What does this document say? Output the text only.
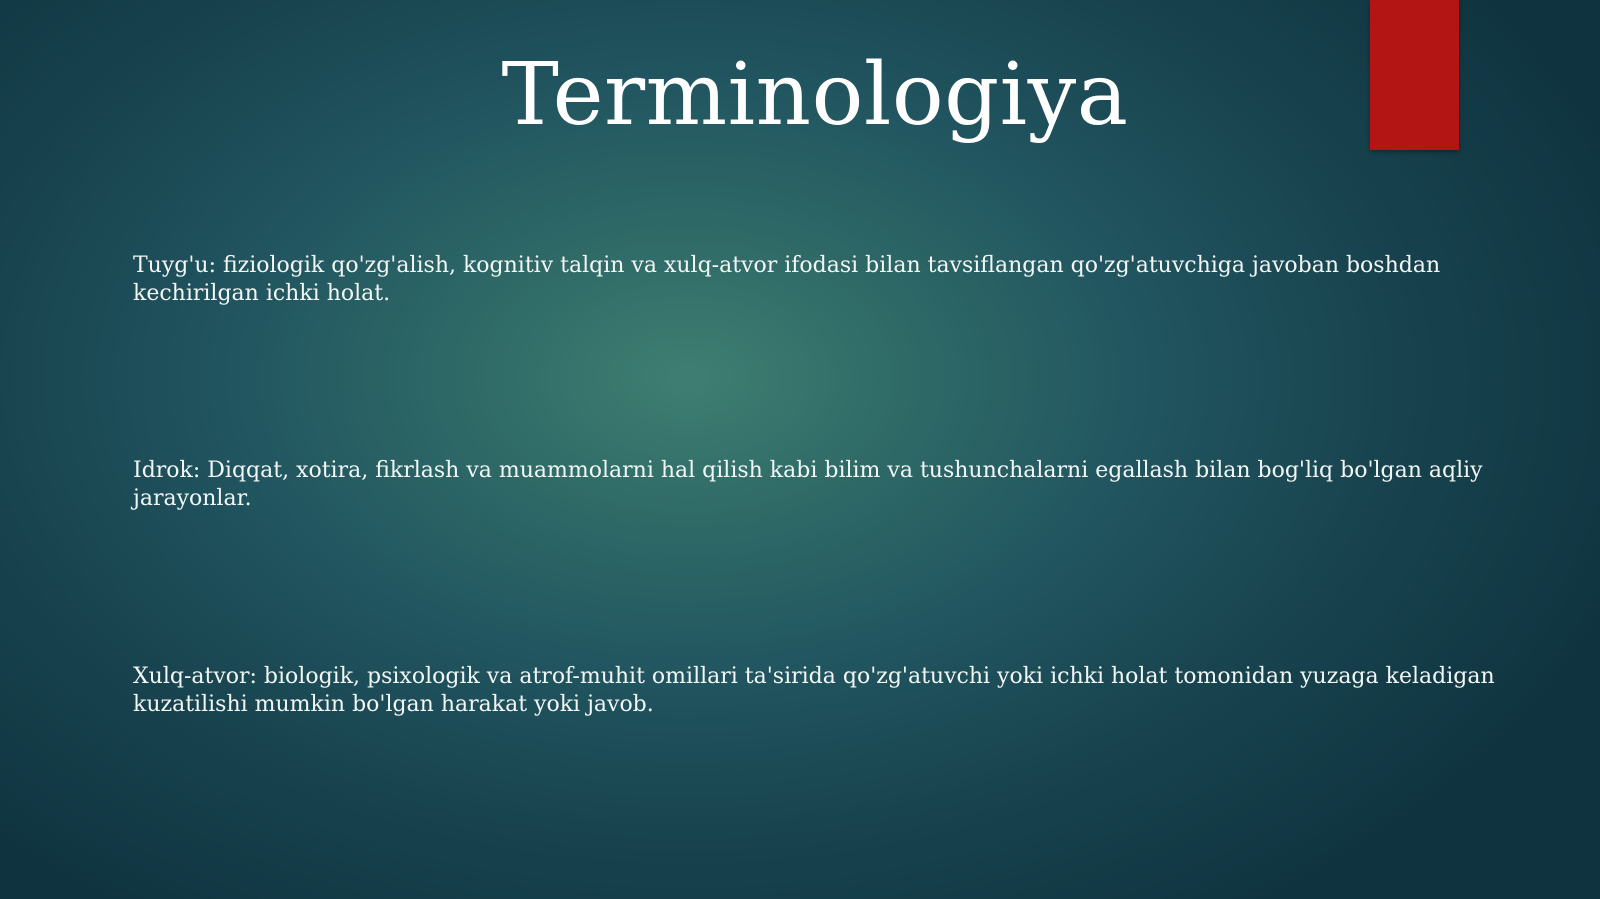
Terminologiya

Tuyg'u: fiziologik qo'zg'alish, kognitiv talqin va xulq-atvor ifodasi bilan tavsiflangan qo'zg'atuvchiga javoban boshdan kechirilgan ichki holat.

Idrok: Diqqat, xotira, fikrlash va muammolarni hal qilish kabi bilim va tushunchalarni egallash bilan bog'liq bo'lgan aqliy jarayonlar.

Xulq-atvor: biologik, psixologik va atrof-muhit omillari ta'sirida qo'zg'atuvchi yoki ichki holat tomonidan yuzaga keladigan kuzatilishi mumkin bo'lgan harakat yoki javob.
